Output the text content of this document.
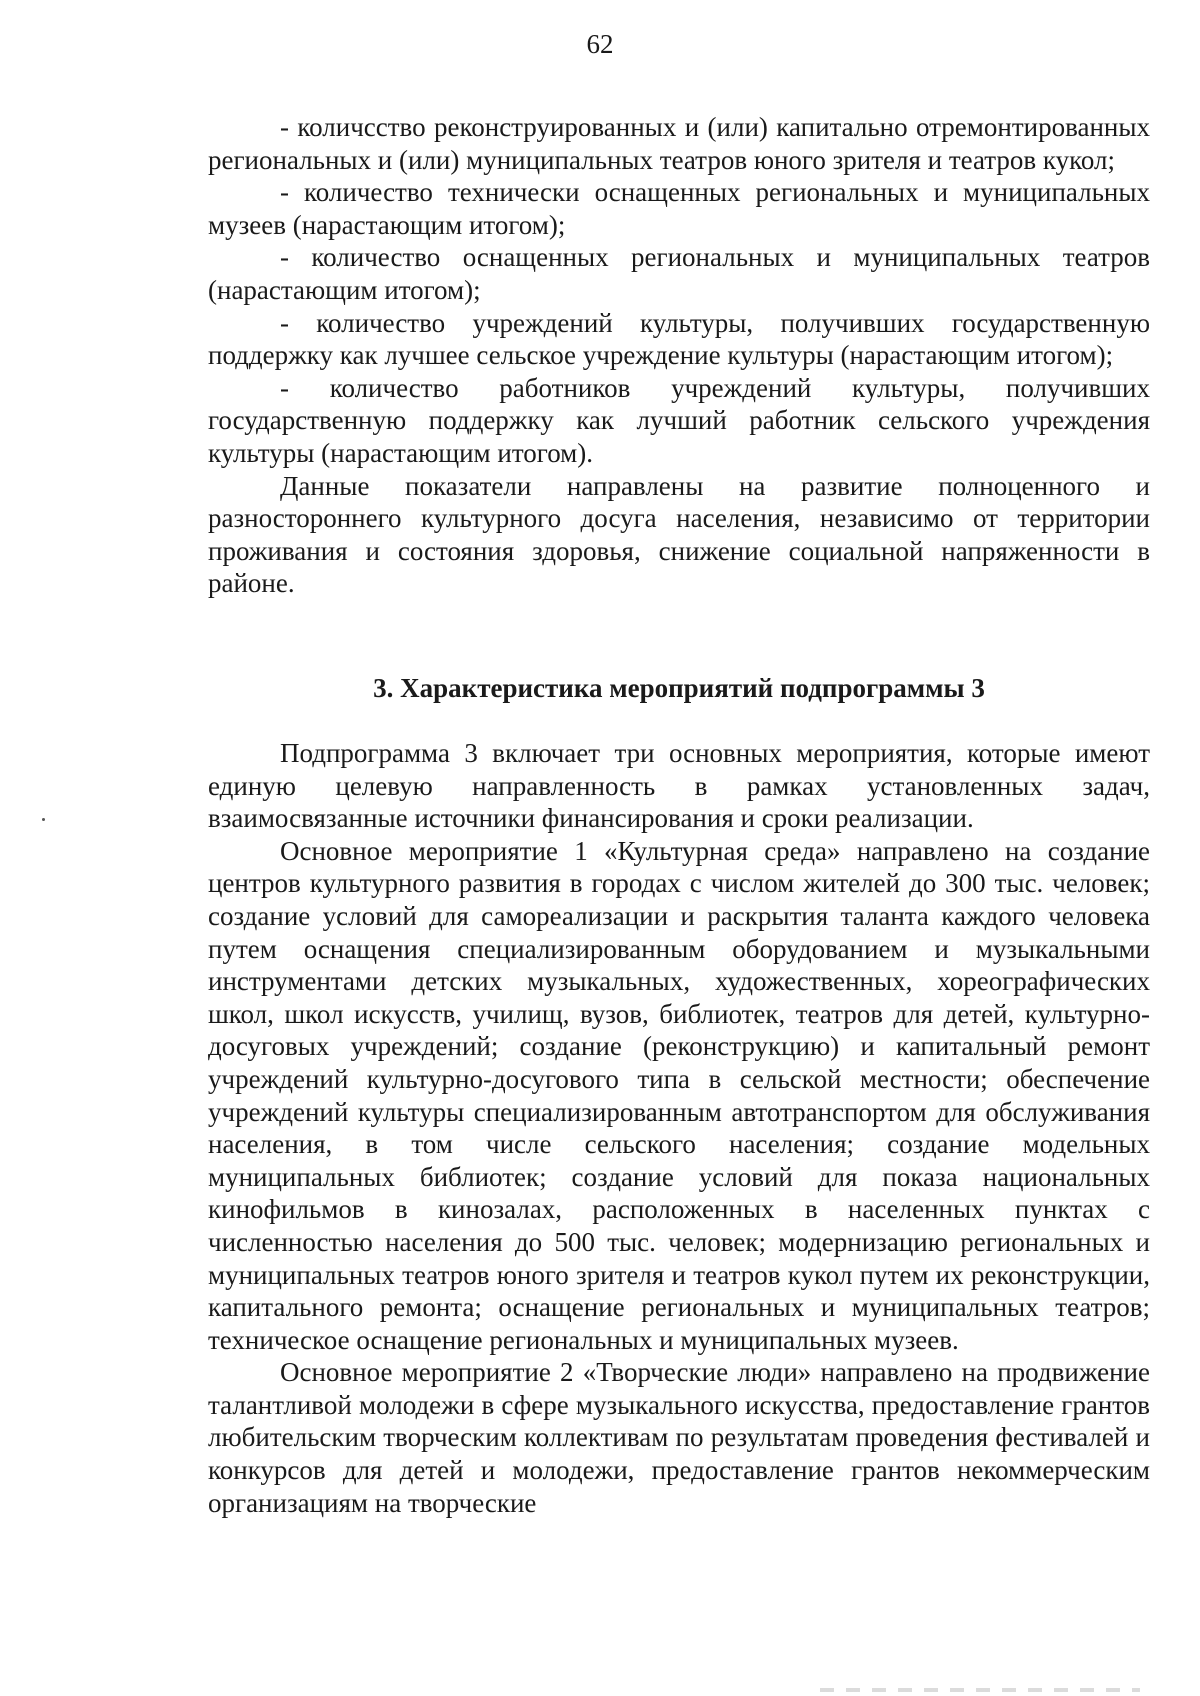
62

- количcство реконструированных и (или) капитально отремонтированных региональных и (или) муниципальных театров юного зрителя и театров кукол;

- количество технически оснащенных региональных и муниципальных музеев (нарастающим итогом);

- количество оснащенных региональных и муниципальных театров (нарастающим итогом);

- количество учреждений культуры, получивших государственную поддержку как лучшее сельское учреждение культуры (нарастающим итогом);

- количество работников учреждений культуры, получивших государственную поддержку как лучший работник сельского учреждения культуры (нарастающим итогом).

Данные показатели направлены на развитие полноценного и разностороннего культурного досуга населения, независимо от территории проживания и состояния здоровья, снижение социальной напряженности в районе.

3. Характеристика мероприятий подпрограммы 3

Подпрограмма 3 включает три основных мероприятия, которые имеют единую целевую направленность в рамках установленных задач, взаимосвязанные источники финансирования и сроки реализации.

Основное мероприятие 1 «Культурная среда» направлено на создание центров культурного развития в городах с числом жителей до 300 тыс. человек; создание условий для самореализации и раскрытия таланта каждого человека путем оснащения специализированным оборудованием и музыкальными инструментами детских музыкальных, художественных, хореографических школ, школ искусств, училищ, вузов, библиотек, театров для детей, культурно-досуговых учреждений; создание (реконструкцию) и капитальный ремонт учреждений культурно-досугового типа в сельской местности; обеспечение учреждений культуры специализированным автотранспортом для обслуживания населения, в том числе сельского населения; создание модельных муниципальных библиотек; создание условий для показа национальных кинофильмов в кинозалах, расположенных в населенных пунктах с численностью населения до 500 тыс. человек; модернизацию региональных и муниципальных театров юного зрителя и театров кукол путем их реконструкции, капитального ремонта; оснащение региональных и муниципальных театров; техническое оснащение региональных и муниципальных музеев.

Основное мероприятие 2 «Творческие люди» направлено на продвижение талантливой молодежи в сфере музыкального искусства, предоставление грантов любительским творческим коллективам по результатам проведения фестивалей и конкурсов для детей и молодежи, предоставление грантов некоммерческим организациям на творческие
